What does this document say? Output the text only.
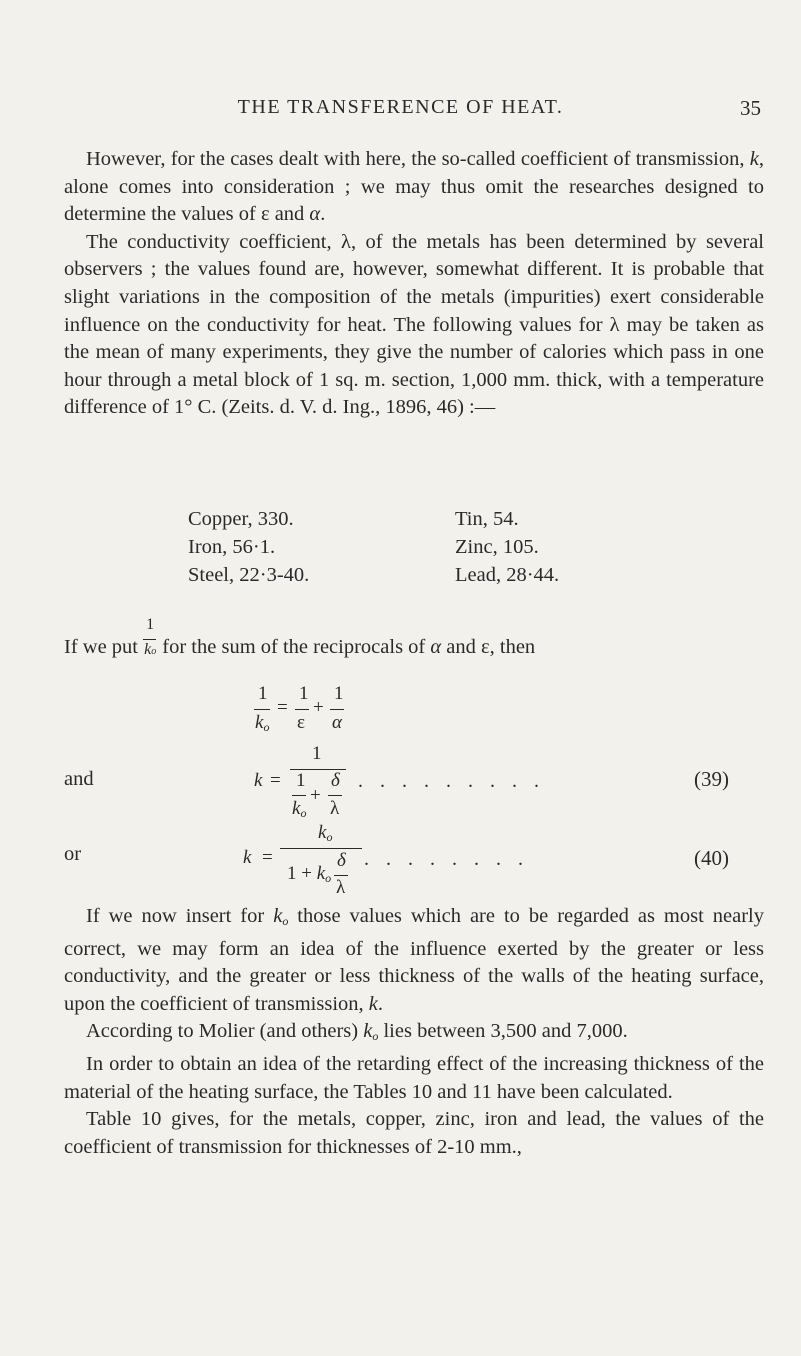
THE TRANSFERENCE OF HEAT.	35

However, for the cases dealt with here, the so-called coefficient of transmission, k, alone comes into consideration ; we may thus omit the researches designed to determine the values of ε and α.

The conductivity coefficient, λ, of the metals has been determined by several observers ; the values found are, however, somewhat different. It is probable that slight variations in the composition of the metals (impurities) exert considerable influence on the conductivity for heat. The following values for λ may be taken as the mean of many experiments, they give the number of calories which pass in one hour through a metal block of 1 sq. m. section, 1,000 mm. thick, with a temperature difference of 1° C. (Zeits. d. V. d. Ing., 1896, 46) :—

Copper, 330.	Tin, 54.
Iron, 56·1.	Zinc, 105.
Steel, 22·3-40.	Lead, 28·44.
If we put $\frac{1}{ko}$ for the sum of the reciprocals of α and ε, then
1
$k_o$
=
1
ε
+
1
α
and	k =
1
1
$k_o$
+
δ
λ
. . . . . . . . .	(39)
or	k =
$k_o$
δ
$1 + k_o$ λ
. . . . . . . .	(40)

If we now insert for $k_o$ those values which are to be regarded as most nearly correct, we may form an idea of the influence exerted by the greater or less conductivity, and the greater or less thickness of the walls of the heating surface, upon the coefficient of transmission, k.

According to Molier (and others) $k_o$ lies between 3,500 and 7,000.

In order to obtain an idea of the retarding effect of the increasing thickness of the material of the heating surface, the Tables 10 and 11 have been calculated.

Table 10 gives, for the metals, copper, zinc, iron and lead, the values of the coefficient of transmission for thicknesses of 2-10 mm.,
